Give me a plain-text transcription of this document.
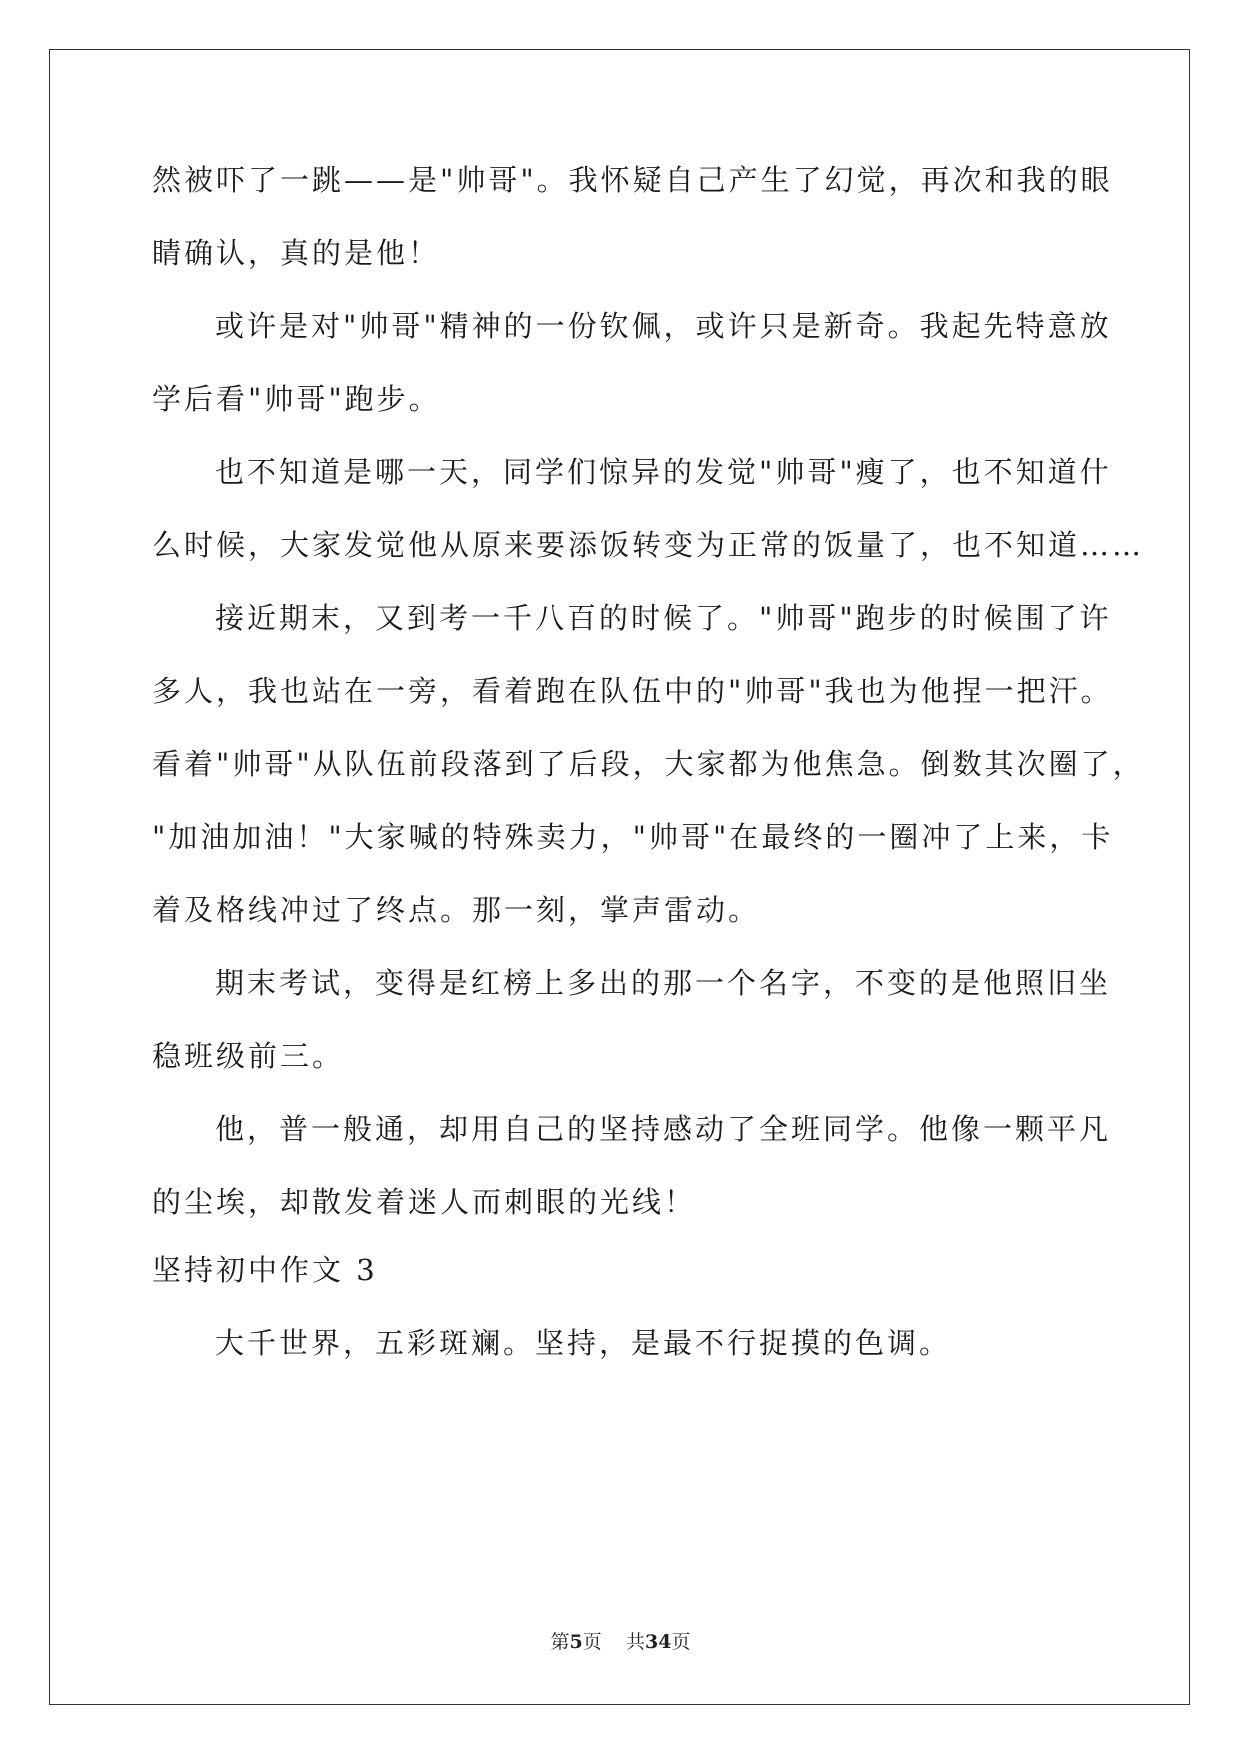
然被吓了一跳——是"帅哥"。我怀疑自己产生了幻觉，再次和我的眼
睛确认，真的是他！
或许是对"帅哥"精神的一份钦佩，或许只是新奇。我起先特意放
学后看"帅哥"跑步。
也不知道是哪一天，同学们惊异的发觉"帅哥"瘦了，也不知道什
么时候，大家发觉他从原来要添饭转变为正常的饭量了，也不知道……
接近期末，又到考一千八百的时候了。"帅哥"跑步的时候围了许
多人，我也站在一旁，看着跑在队伍中的"帅哥"我也为他捏一把汗。
看着"帅哥"从队伍前段落到了后段，大家都为他焦急。倒数其次圈了，
"加油加油！"大家喊的特殊卖力，"帅哥"在最终的一圈冲了上来，卡
着及格线冲过了终点。那一刻，掌声雷动。
期末考试，变得是红榜上多出的那一个名字，不变的是他照旧坐
稳班级前三。
他，普一般通，却用自己的坚持感动了全班同学。他像一颗平凡
的尘埃，却散发着迷人而刺眼的光线！
坚持初中作文 3
大千世界，五彩斑斓。坚持，是最不行捉摸的色调。
第5页 共34页
